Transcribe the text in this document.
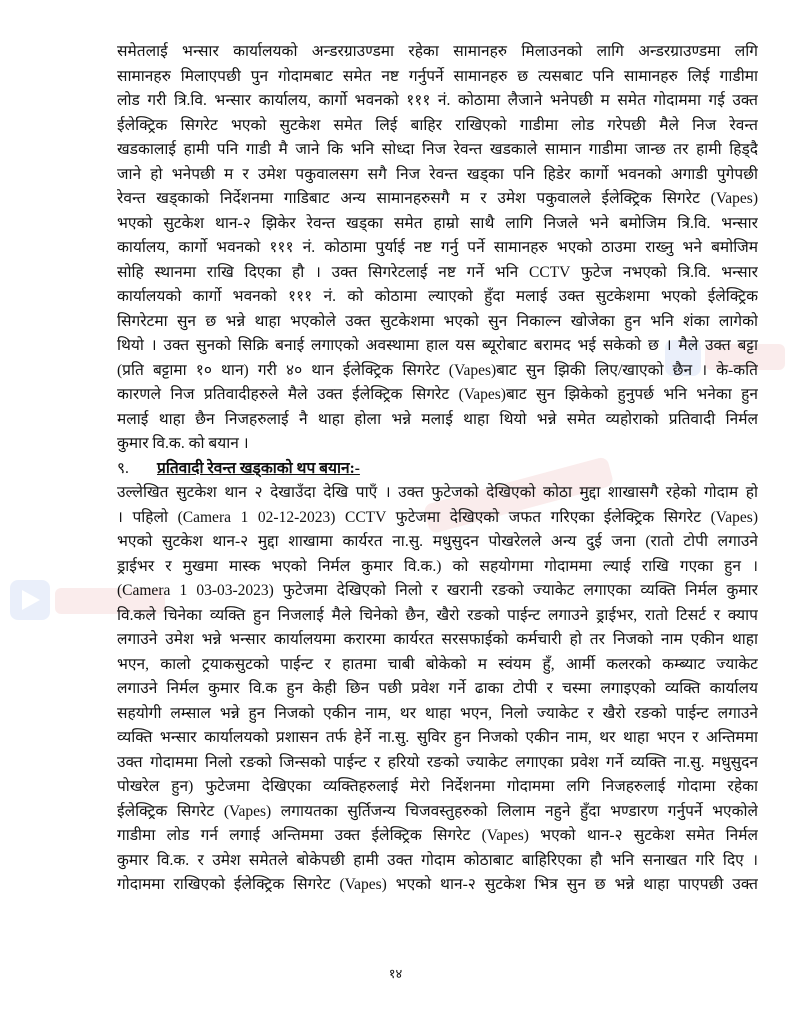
समेतलाई भन्सार कार्यालयको अन्डरग्राउण्डमा रहेका सामानहरु मिलाउनको लागि अन्डरग्राउण्डमा लगि
सामानहरु मिलाएपछी पुन गोदामबाट समेत नष्ट गर्नुपर्ने सामानहरु छ त्यसबाट पनि सामानहरु लिई गाडीमा
लोड गरी त्रि.वि. भन्सार कार्यालय, कार्गो भवनको १११ नं. कोठामा लैजाने भनेपछी म समेत गोदाममा गई उक्त
ईलेक्ट्रिक सिगरेट भएको सुटकेश समेत लिई बाहिर राखिएको गाडीमा लोड गरेपछी मैले निज रेवन्त
खडकालाई हामी पनि गाडी मै जाने कि भनि सोध्दा निज रेवन्त खडकाले सामान गाडीमा जान्छ तर हामी हिड्दै
जाने हो भनेपछी म र उमेश पकुवालसग सगै निज रेवन्त खड्का पनि हिडेर कार्गो भवनको अगाडी पुगेपछी
रेवन्त खड्काको निर्देशनमा गाडिबाट अन्य सामानहरुसगै म र उमेश पकुवालले ईलेक्ट्रिक सिगरेट (Vapes)
भएको सुटकेश थान-२ झिकेर रेवन्त खड्का समेत हाम्रो साथै लागि निजले भने बमोजिम त्रि.वि. भन्सार
कार्यालय, कार्गो भवनको १११ नं. कोठामा पुर्याई नष्ट गर्नु पर्ने सामानहरु भएको ठाउमा राख्नु भने बमोजिम
सोहि स्थानमा राखि दिएका हौ । उक्त सिगरेटलाई नष्ट गर्ने भनि CCTV फुटेज नभएको त्रि.वि. भन्सार
कार्यालयको कार्गो भवनको १११ नं. को कोठामा ल्याएको हुँदा मलाई उक्त सुटकेशमा भएको ईलेक्ट्रिक
सिगरेटमा सुन छ भन्ने थाहा भएकोले उक्त सुटकेशमा भएको सुन निकाल्न खोजेका हुन भनि शंका लागेको
थियो । उक्त सुनको सिक्रि बनाई लगाएको अवस्थामा हाल यस ब्यूरोबाट बरामद भई सकेको छ । मैले उक्त बट्टा
(प्रति बट्टामा १० थान) गरी ४० थान ईलेक्ट्रिक सिगरेट (Vapes)बाट सुन झिकी लिए/खाएको छैन । के-कति
कारणले निज प्रतिवादीहरुले मैले उक्त ईलेक्ट्रिक सिगरेट (Vapes)बाट सुन झिकेको हुनुपर्छ भनि भनेका हुन
मलाई थाहा छैन निजहरुलाई नै थाहा होला भन्ने मलाई थाहा थियो भन्ने समेत व्यहोराको प्रतिवादी निर्मल
कुमार वि.क. को बयान ।
९. प्रतिवादी रेवन्त खड्काको थप बयान:-
उल्लेखित सुटकेश थान २ देखाउँदा देखि पाएँ । उक्त फुटेजको देखिएको कोठा मुद्दा शाखासगै रहेको गोदाम हो
। पहिलो (Camera 1 02-12-2023) CCTV फुटेजमा देखिएको जफत गरिएका ईलेक्ट्रिक सिगरेट (Vapes)
भएको सुटकेश थान-२ मुद्दा शाखामा कार्यरत ना.सु. मधुसुदन पोखरेलले अन्य दुई जना (रातो टोपी लगाउने
ड्राईभर र मुखमा मास्क भएको निर्मल कुमार वि.क.) को सहयोगमा गोदाममा ल्याई राखि गएका हुन ।
(Camera 1 03-03-2023) फुटेजमा देखिएको निलो र खरानी रङको ज्याकेट लगाएका व्यक्ति निर्मल कुमार
वि.कले चिनेका व्यक्ति हुन निजलाई मैले चिनेको छैन, खैरो रङको पाईन्ट लगाउने ड्राईभर, रातो टिसर्ट र क्याप
लगाउने उमेश भन्ने भन्सार कार्यालयमा करारमा कार्यरत सरसफाईको कर्मचारी हो तर निजको नाम एकीन थाहा
भएन, कालो ट्रयाकसुटको पाईन्ट र हातमा चाबी बोकेको म स्वंयम हुँ, आर्मी कलरको कम्ब्याट ज्याकेट
लगाउने निर्मल कुमार वि.क हुन केही छिन पछी प्रवेश गर्ने ढाका टोपी र चस्मा लगाइएको व्यक्ति कार्यालय
सहयोगी लम्साल भन्ने हुन निजको एकीन नाम, थर थाहा भएन, निलो ज्याकेट र खैरो रङको पाईन्ट लगाउने
व्यक्ति भन्सार कार्यालयको प्रशासन तर्फ हेर्ने ना.सु. सुविर हुन निजको एकीन नाम, थर थाहा भएन र अन्तिममा
उक्त गोदाममा निलो रङको जिन्सको पाईन्ट र हरियो रङको ज्याकेट लगाएका प्रवेश गर्ने व्यक्ति ना.सु. मधुसुदन
पोखरेल हुन) फुटेजमा देखिएका व्यक्तिहरुलाई मेरो निर्देशनमा गोदाममा लगि निजहरुलाई गोदामा रहेका
ईलेक्ट्रिक सिगरेट (Vapes) लगायतका सुर्तिजन्य चिजवस्तुहरुको लिलाम नहुने हुँदा भण्डारण गर्नुपर्ने भएकोले
गाडीमा लोड गर्न लगाई अन्तिममा उक्त ईलेक्ट्रिक सिगरेट (Vapes) भएको थान-२ सुटकेश समेत निर्मल
कुमार वि.क. र उमेश समेतले बोकेपछी हामी उक्त गोदाम कोठाबाट बाहिरिएका हौ भनि सनाखत गरि दिए ।
गोदाममा राखिएको ईलेक्ट्रिक सिगरेट (Vapes) भएको थान-२ सुटकेश भित्र सुन छ भन्ने थाहा पाएपछी उक्त
१४
